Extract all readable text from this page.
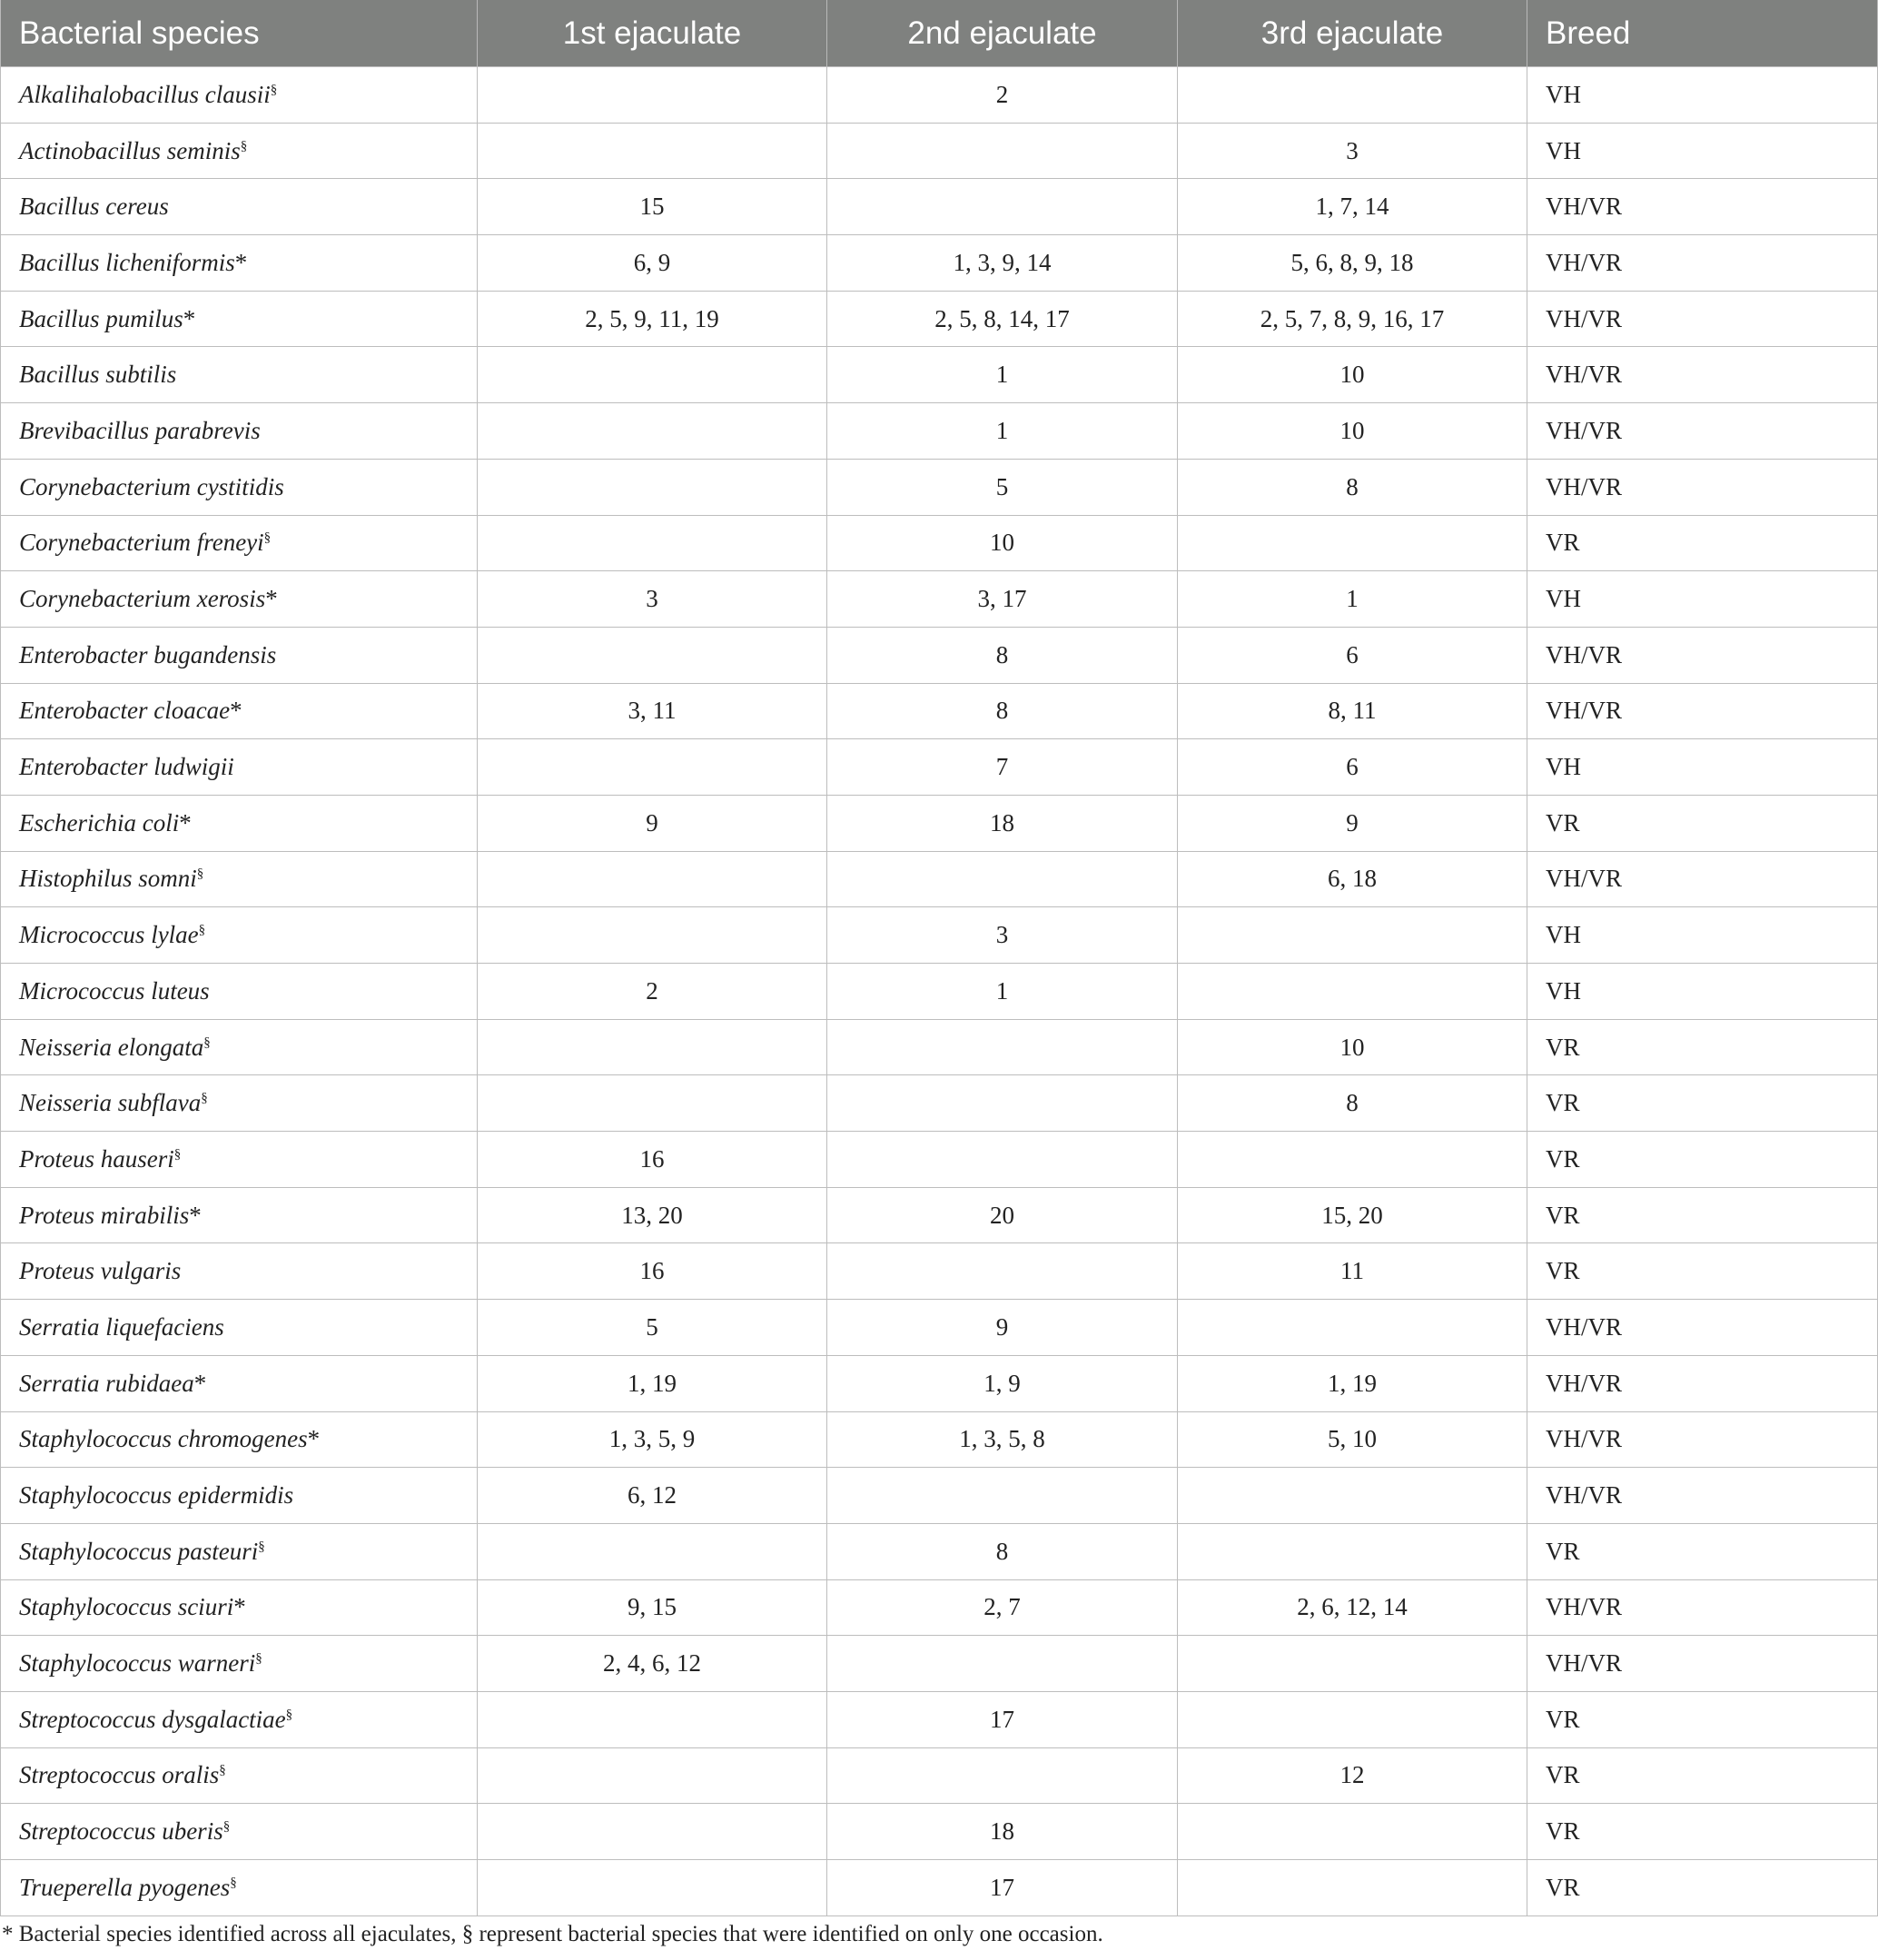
Bacterial species	1st ejaculate	2nd ejaculate	3rd ejaculate	Breed
Alkalihalobacillus clausii§		2		VH
Actinobacillus seminis§			3	VH
Bacillus cereus	15		1, 7, 14	VH/VR
Bacillus licheniformis*	6, 9	1, 3, 9, 14	5, 6, 8, 9, 18	VH/VR
Bacillus pumilus*	2, 5, 9, 11, 19	2, 5, 8, 14, 17	2, 5, 7, 8, 9, 16, 17	VH/VR
Bacillus subtilis		1	10	VH/VR
Brevibacillus parabrevis		1	10	VH/VR
Corynebacterium cystitidis		5	8	VH/VR
Corynebacterium freneyi§		10		VR
Corynebacterium xerosis*	3	3, 17	1	VH
Enterobacter bugandensis		8	6	VH/VR
Enterobacter cloacae*	3, 11	8	8, 11	VH/VR
Enterobacter ludwigii		7	6	VH
Escherichia coli*	9	18	9	VR
Histophilus somni§			6, 18	VH/VR
Micrococcus lylae§		3		VH
Micrococcus luteus	2	1		VH
Neisseria elongata§			10	VR
Neisseria subflava§			8	VR
Proteus hauseri§	16			VR
Proteus mirabilis*	13, 20	20	15, 20	VR
Proteus vulgaris	16		11	VR
Serratia liquefaciens	5	9		VH/VR
Serratia rubidaea*	1, 19	1, 9	1, 19	VH/VR
Staphylococcus chromogenes*	1, 3, 5, 9	1, 3, 5, 8	5, 10	VH/VR
Staphylococcus epidermidis	6, 12			VH/VR
Staphylococcus pasteuri§		8		VR
Staphylococcus sciuri*	9, 15	2, 7	2, 6, 12, 14	VH/VR
Staphylococcus warneri§	2, 4, 6, 12			VH/VR
Streptococcus dysgalactiae§		17		VR
Streptococcus oralis§			12	VR
Streptococcus uberis§		18		VR
Trueperella pyogenes§		17		VR
* Bacterial species identified across all ejaculates, § represent bacterial species that were identified on only one occasion.
